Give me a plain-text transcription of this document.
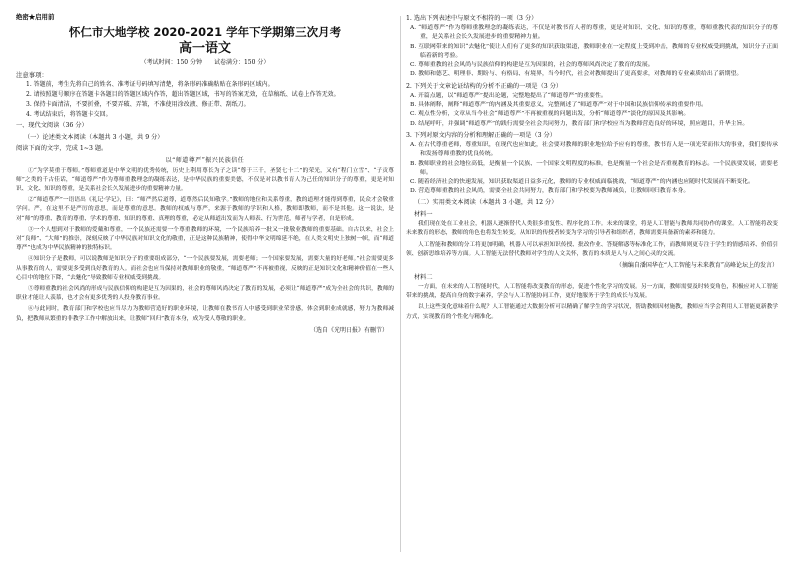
绝密★启用前
怀仁市大地学校 2020-2021 学年下学期第三次月考
高一语文
（考试时间：150 分钟　　试卷满分：150 分）
注意事项：
1. 答题前，考生先将自己的姓名、准考证号码填写清楚，将条形码准确粘贴在条形码区域内。
2. 请按照题号顺序在答题卡各题目的答题区域内作答，超出答题区域，书写的答案无效，在草稿纸、试卷上作答无效。
3. 保持卡面清洁，不要折叠，不要弄破、弄皱，不准使用涂改液、修正带、刮纸刀。
4. 考试结束后，将答题卡交回。
一、现代文阅读（36 分）
（一）论述类文本阅读（本题共 3 小题，共 9 分）
阅读下面的文字，完成 1~3 题。
以“师道尊严”振兴民族信任

①“为学莫重于尊师。”尊师重道是中华文明的优秀传统，历史上利用尊长为子之读“尊于三千，圣贤七十二”的荣光，又有“程门立雪”、“子贡尊师”之类的千古佳话，“师道尊严”作为尊师重教理念的凝练表达，是中华民族的重要美德，不仅是对以教书育人为己任的知识分子的尊重，更是对知识、文化、知识的尊重，是关系社会长久发展进步的重要精神力量。

②“师道尊严”一语语出《礼记·学记》，曰：“师严然后道尊，道尊然后民知敬学。”教师的地位和关系尊重，教的道理才能得到尊重，民众才会敬重学问。严，在这里不是严厉的意思，而是尊重的意思。教师的权威与尊严，来源于教师的学识和人格，教师即教师，而不是其他。这一说法，是对“师”的尊重、教育的尊重、学术的尊重、知识的尊重、真理的尊重，必定从师道出发而为人师表、行为世范，师者与学者，自是形成。

③一个人想到对于教师的爱戴和尊重，一个民族还需要一个尊重教师的环境，一个民族培养一批又一批敬业教师的重要基础。自古以来，社会上对“良师”、“大师”的推崇，深刻反映了中华民族对知识文化的敬重，正是这种民族精神，使得中华文明绵延不绝，在人类文明史上独树一帜，而“师道尊严”也成为中华民族精神的独特标识。

④知识分子是教师，可以说教师是知识分子的重要组成部分，“一个民族要发展，需要老师；一个国家要发展，需要大量的好老师。”社会需要更多从事教育的人，需要更多受到良好教育的人。而社会也应当保持对教师职业的敬重，“师道尊严”不再被重视，反映的正是知识文化和精神价值在一些人心目中的地位下降，“去魅化”导致教师专业权威受到挑战。

⑤尊师重教的社会风尚的形成与民族信仰的构建是互为因果的，社会的尊师风尚决定了教育的发展，必须让“师道尊严”成为全社会的共识，教师的职业才能让人羡慕，也才会有更多优秀的人投身教育事业。

⑥与此同时，教育部门和学校也应当尽力为教师营造好的职业环境，让教师在教书育人中感受到职业荣誉感，体会到职业成就感，努力为教师减负，把教师从繁重的非教学工作中解放出来，让教师“回归”教育本身，成为受人尊敬的职业。

（选自《光明日报》有删节）
1. 选出下列表述中与原文不相符的一项（3 分）
A. “师道尊严”作为尊师重教理念的凝练表达，不仅是对教书育人者的尊重，更是对知识、文化、知识的尊重，尊师重教代表的知识分子的尊重，是关系社会长久发展进步的重要精神力量。
B. 互联网带来的知识“去魅化”使让人们有了更多的知识获取渠道，教师职业在一定程度上受到冲击，教师的专业权威受到挑战，知识分子正面临着新的考验。
C. 尊师重教的社会风尚与民族信仰的构建是互为因果的，社会的尊师风尚决定了教育的发展。
D. 教师和德艺、明理非、期盼与、有格局、有境界，当今时代，社会对教师提出了更高要求，对教师的专业素质给出了新期望。
2. 下列关于文章论证结构的分析不正确的一项是（3 分）
A. 开篇点题，以“师道尊严”提出论题，完整地提出了“师道尊严”的重要性。
B. 具体阐释，阐释“师道尊严”的内涵及其重要意义，完整阐述了“师道尊严”对于中国和民族信仰传承的重要作用。
C. 观点性分析，文章从当今社会“师道尊严”不再被重视的问题出发，分析“师道尊严”淡化的原因及其影响。
D. 结尾呼吁，并强调“师道尊严”的践行需要全社会共同努力，教育部门和学校应当为教师营造良好的环境，照应题目，升华主旨。
3. 下列对原文内容的分析和理解正确的一项是（3 分）
A. 在古代尊重老师，尊重知识，在现代也应如此，社会要对教师的职业地位给予应有的尊重，教书育人是一项光荣而伟大的事业，我们要传承和发扬尊师重教的优良传统。
B. 教师职业的社会地位高低，是衡量一个民族、一个国家文明程度的标准，也是衡量一个社会是否重视教育的标志。一个民族要发展，需要老师。
C. 随着经济社会的快速发展，知识获取渠道日益多元化，教师的专业权威面临挑战，“师道尊严”的内涵也应随时代发展而不断变化。
D. 营造尊师重教的社会风尚，需要全社会共同努力，教育部门和学校要为教师减负，让教师回归教育本身。
（二）实用类文本阅读（本题共 3 小题，共 12 分）
材料一

我们现在处在工业社会，机器人逐渐替代人类很多重复性、程序化的工作。未来的课堂，将是人工智能与教师共同协作的课堂。人工智能将改变未来教育的形态，教师的角色也将发生转变，从知识的传授者转变为学习的引导者和组织者，教师需要具备新的素养和能力。

人工智能和教师的分工将更加明确，机器人可以承担知识传授、批改作业、答疑解惑等标准化工作，而教师则更专注于学生的情感培养、价值引领、创新思维培养等方面。人工智能无法替代教师对学生的人文关怀，教育的本质是人与人之间心灵的交流。

（摘编自潘国华在“人工智能与未来教育”高峰论坛上的发言）
材料二

一方面，在未来的人工智能时代，人工智能将改变教育的形态，促进个性化学习的发展。另一方面，教师需要及时转变角色，积极应对人工智能带来的挑战，提高自身的数字素养，学会与人工智能协同工作，更好地服务于学生的成长与发展。

以上这些变化意味着什么呢？人工智能通过大数据分析可以精确了解学生的学习状况，帮助教师因材施教，教师应当学会利用人工智能更新教学方式，实现教育的个性化与精准化。
